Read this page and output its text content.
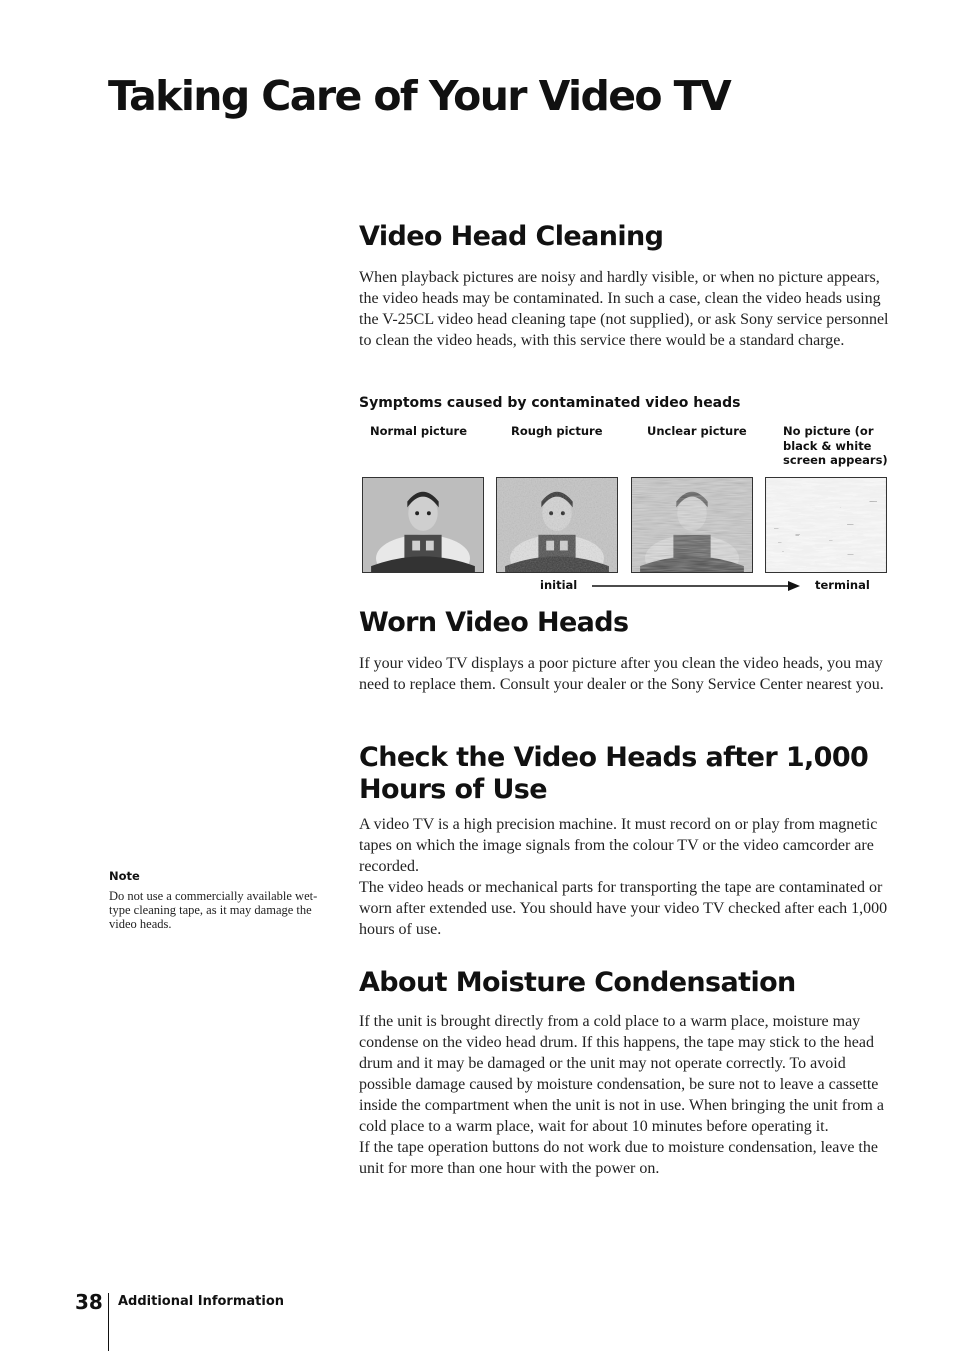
Taking Care of Your Video TV
Video Head Cleaning

When playback pictures are noisy and hardly visible, or when no picture appears, the video heads may be contaminated. In such a case, clean the video heads using the V-25CL video head cleaning tape (not supplied), or ask Sony service personnel to clean the video heads, with this service there would be a standard charge.

Symptoms caused by contaminated video heads
Normal picture	Rough picture	Unclear picture	No picture (or black & white screen appears)
initial	terminal
Worn Video Heads

If your video TV displays a poor picture after you clean the video heads, you may need to replace them. Consult your dealer or the Sony Service Center nearest you.

Check the Video Heads after 1,000 Hours of Use

A video TV is a high precision machine. It must record on or play from magnetic tapes on which the image signals from the colour TV or the video camcorder are recorded.

The video heads or mechanical parts for transporting the tape are contaminated or worn after extended use. You should have your video TV checked after each 1,000 hours of use.

About Moisture Condensation

If the unit is brought directly from a cold place to a warm place, moisture may condense on the video head drum. If this happens, the tape may stick to the head drum and it may be damaged or the unit may not operate correctly. To avoid possible damage caused by moisture condensation, be sure not to leave a cassette inside the compartment when the unit is not in use. When bringing the unit from a cold place to a warm place, wait for about 10 minutes before operating it.

If the tape operation buttons do not work due to moisture condensation, leave the unit for more than one hour with the power on.

Note
Do not use a commercially available wet-type cleaning tape, as it may damage the video heads.
38 Additional Information
